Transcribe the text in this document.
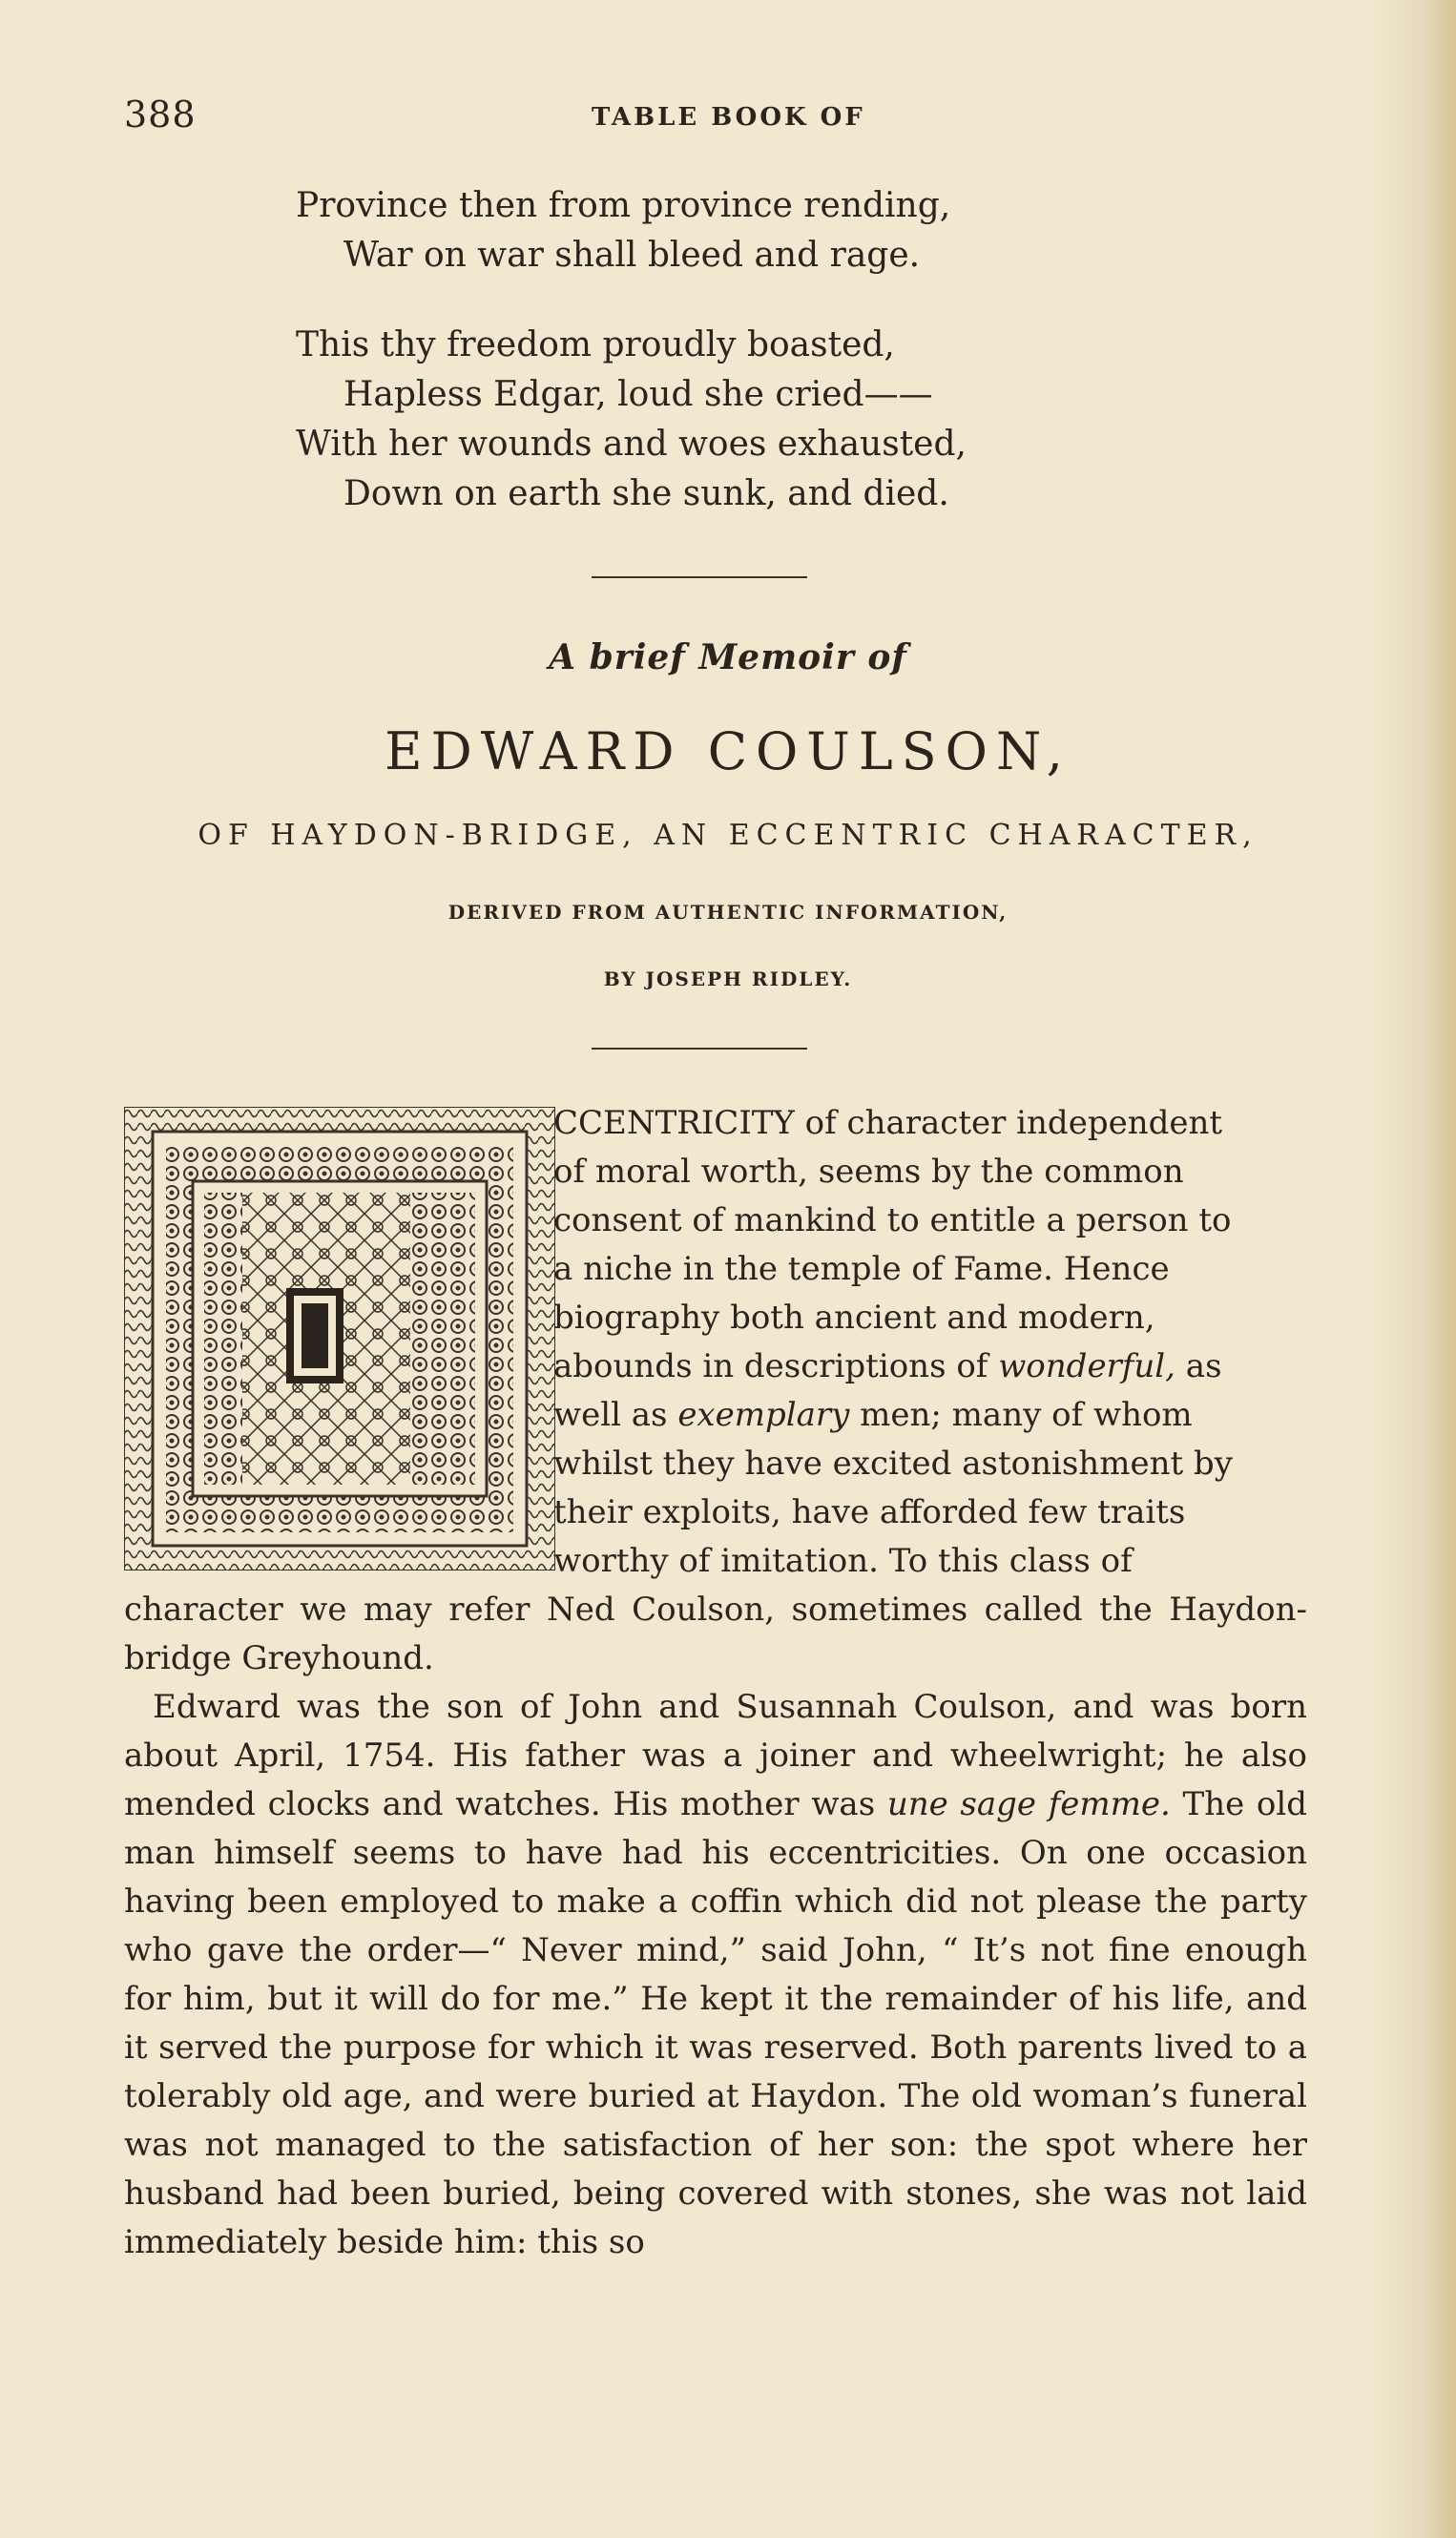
388	TABLE BOOK OF
Province then from province rending,
War on war shall bleed and rage.
This thy freedom proudly boasted,
Hapless Edgar, loud she cried——
With her wounds and woes exhausted,
Down on earth she sunk, and died.
A brief Memoir of
EDWARD COULSON,
OF HAYDON-BRIDGE, AN ECCENTRIC CHARACTER,
DERIVED FROM AUTHENTIC INFORMATION,
BY JOSEPH RIDLEY.
CCENTRICITY of character independent
of moral worth, seems by the common
consent of mankind to entitle a person to
a niche in the temple of Fame. Hence
biography both ancient and modern,
abounds in descriptions of wonderful, as
well as exemplary men; many of whom
whilst they have excited astonishment by
their exploits, have afforded few traits
worthy of imitation. To this class of
character we may refer Ned Coulson, sometimes called the Haydon-bridge Greyhound.
Edward was the son of John and Susannah Coulson, and was born about April, 1754. His father was a joiner and wheelwright; he also mended clocks and watches. His mother was une sage femme. The old man himself seems to have had his eccentricities. On one occasion having been employed to make a coffin which did not please the party who gave the order—“ Never mind,” said John, “ It’s not fine enough for him, but it will do for me.” He kept it the remainder of his life, and it served the purpose for which it was reserved. Both parents lived to a tolerably old age, and were buried at Haydon. The old woman’s funeral was not managed to the satisfaction of her son: the spot where her husband had been buried, being covered with stones, she was not laid immediately beside him: this so
